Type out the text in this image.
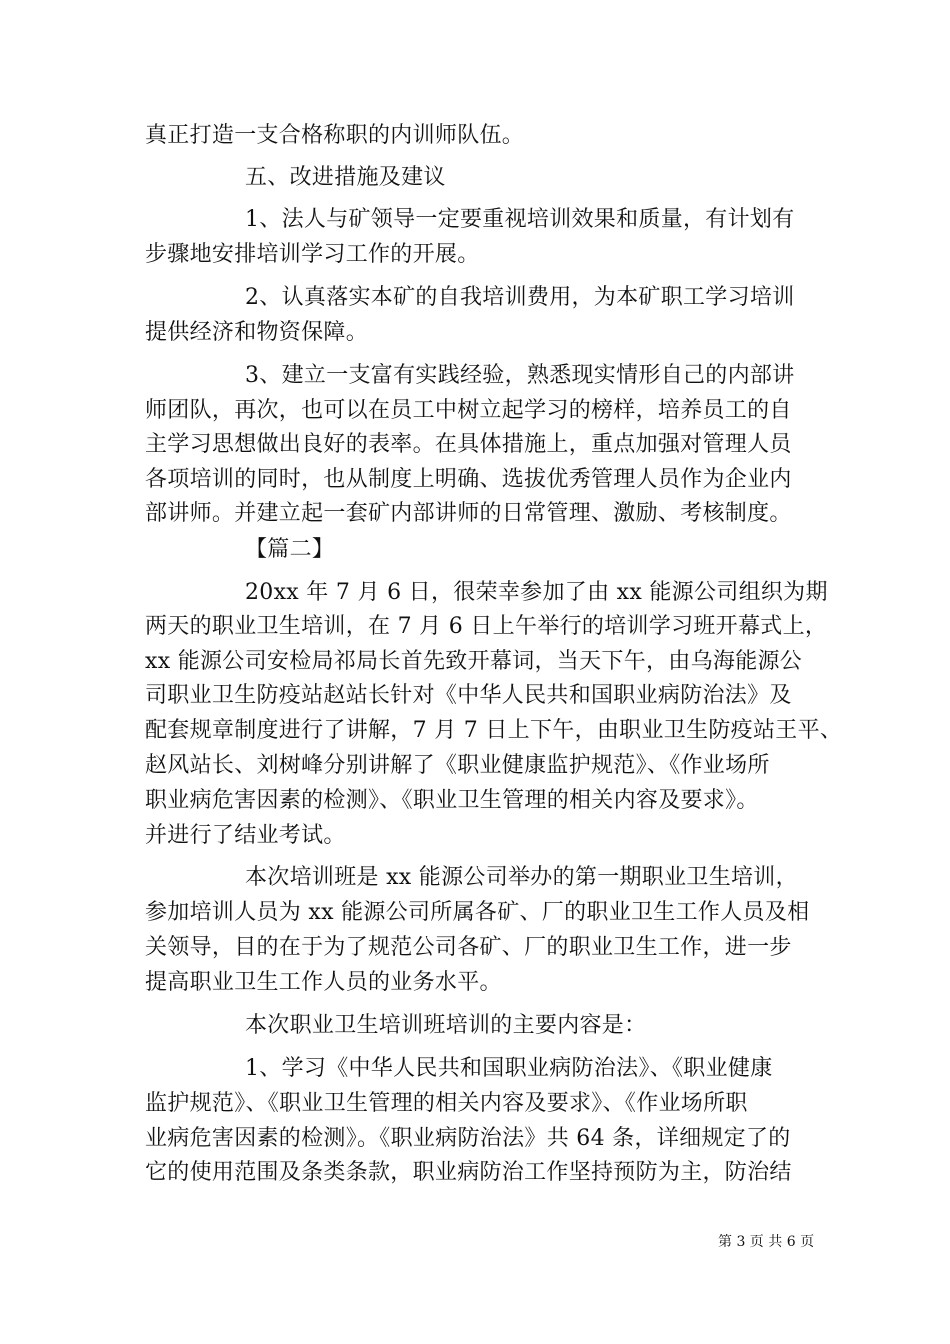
真正打造一支合格称职的内训师队伍。
五、改进措施及建议
1、法人与矿领导一定要重视培训效果和质量，有计划有
步骤地安排培训学习工作的开展。
2、认真落实本矿的自我培训费用，为本矿职工学习培训
提供经济和物资保障。
3、建立一支富有实践经验，熟悉现实情形自己的内部讲
师团队，再次，也可以在员工中树立起学习的榜样，培养员工的自
主学习思想做出良好的表率。在具体措施上，重点加强对管理人员
各项培训的同时，也从制度上明确、选拔优秀管理人员作为企业内
部讲师。并建立起一套矿内部讲师的日常管理、激励、考核制度。
【篇二】
20xx 年 7 月 6 日，很荣幸参加了由 xx 能源公司组织为期
两天的职业卫生培训，在 7 月 6 日上午举行的培训学习班开幕式上，
xx 能源公司安检局祁局长首先致开幕词，当天下午，由乌海能源公
司职业卫生防疫站赵站长针对《中华人民共和国职业病防治法》及
配套规章制度进行了讲解，7 月 7 日上下午，由职业卫生防疫站王平、
赵风站长、刘树峰分别讲解了《职业健康监护规范》、《作业场所
职业病危害因素的检测》、《职业卫生管理的相关内容及要求》。
并进行了结业考试。
本次培训班是 xx 能源公司举办的第一期职业卫生培训，
参加培训人员为 xx 能源公司所属各矿、厂的职业卫生工作人员及相
关领导，目的在于为了规范公司各矿、厂的职业卫生工作，进一步
提高职业卫生工作人员的业务水平。
本次职业卫生培训班培训的主要内容是：
1、学习《中华人民共和国职业病防治法》、《职业健康
监护规范》、《职业卫生管理的相关内容及要求》、《作业场所职
业病危害因素的检测》。《职业病防治法》共 64 条，详细规定了的
它的使用范围及条类条款，职业病防治工作坚持预防为主，防治结
第 3 页 共 6 页
